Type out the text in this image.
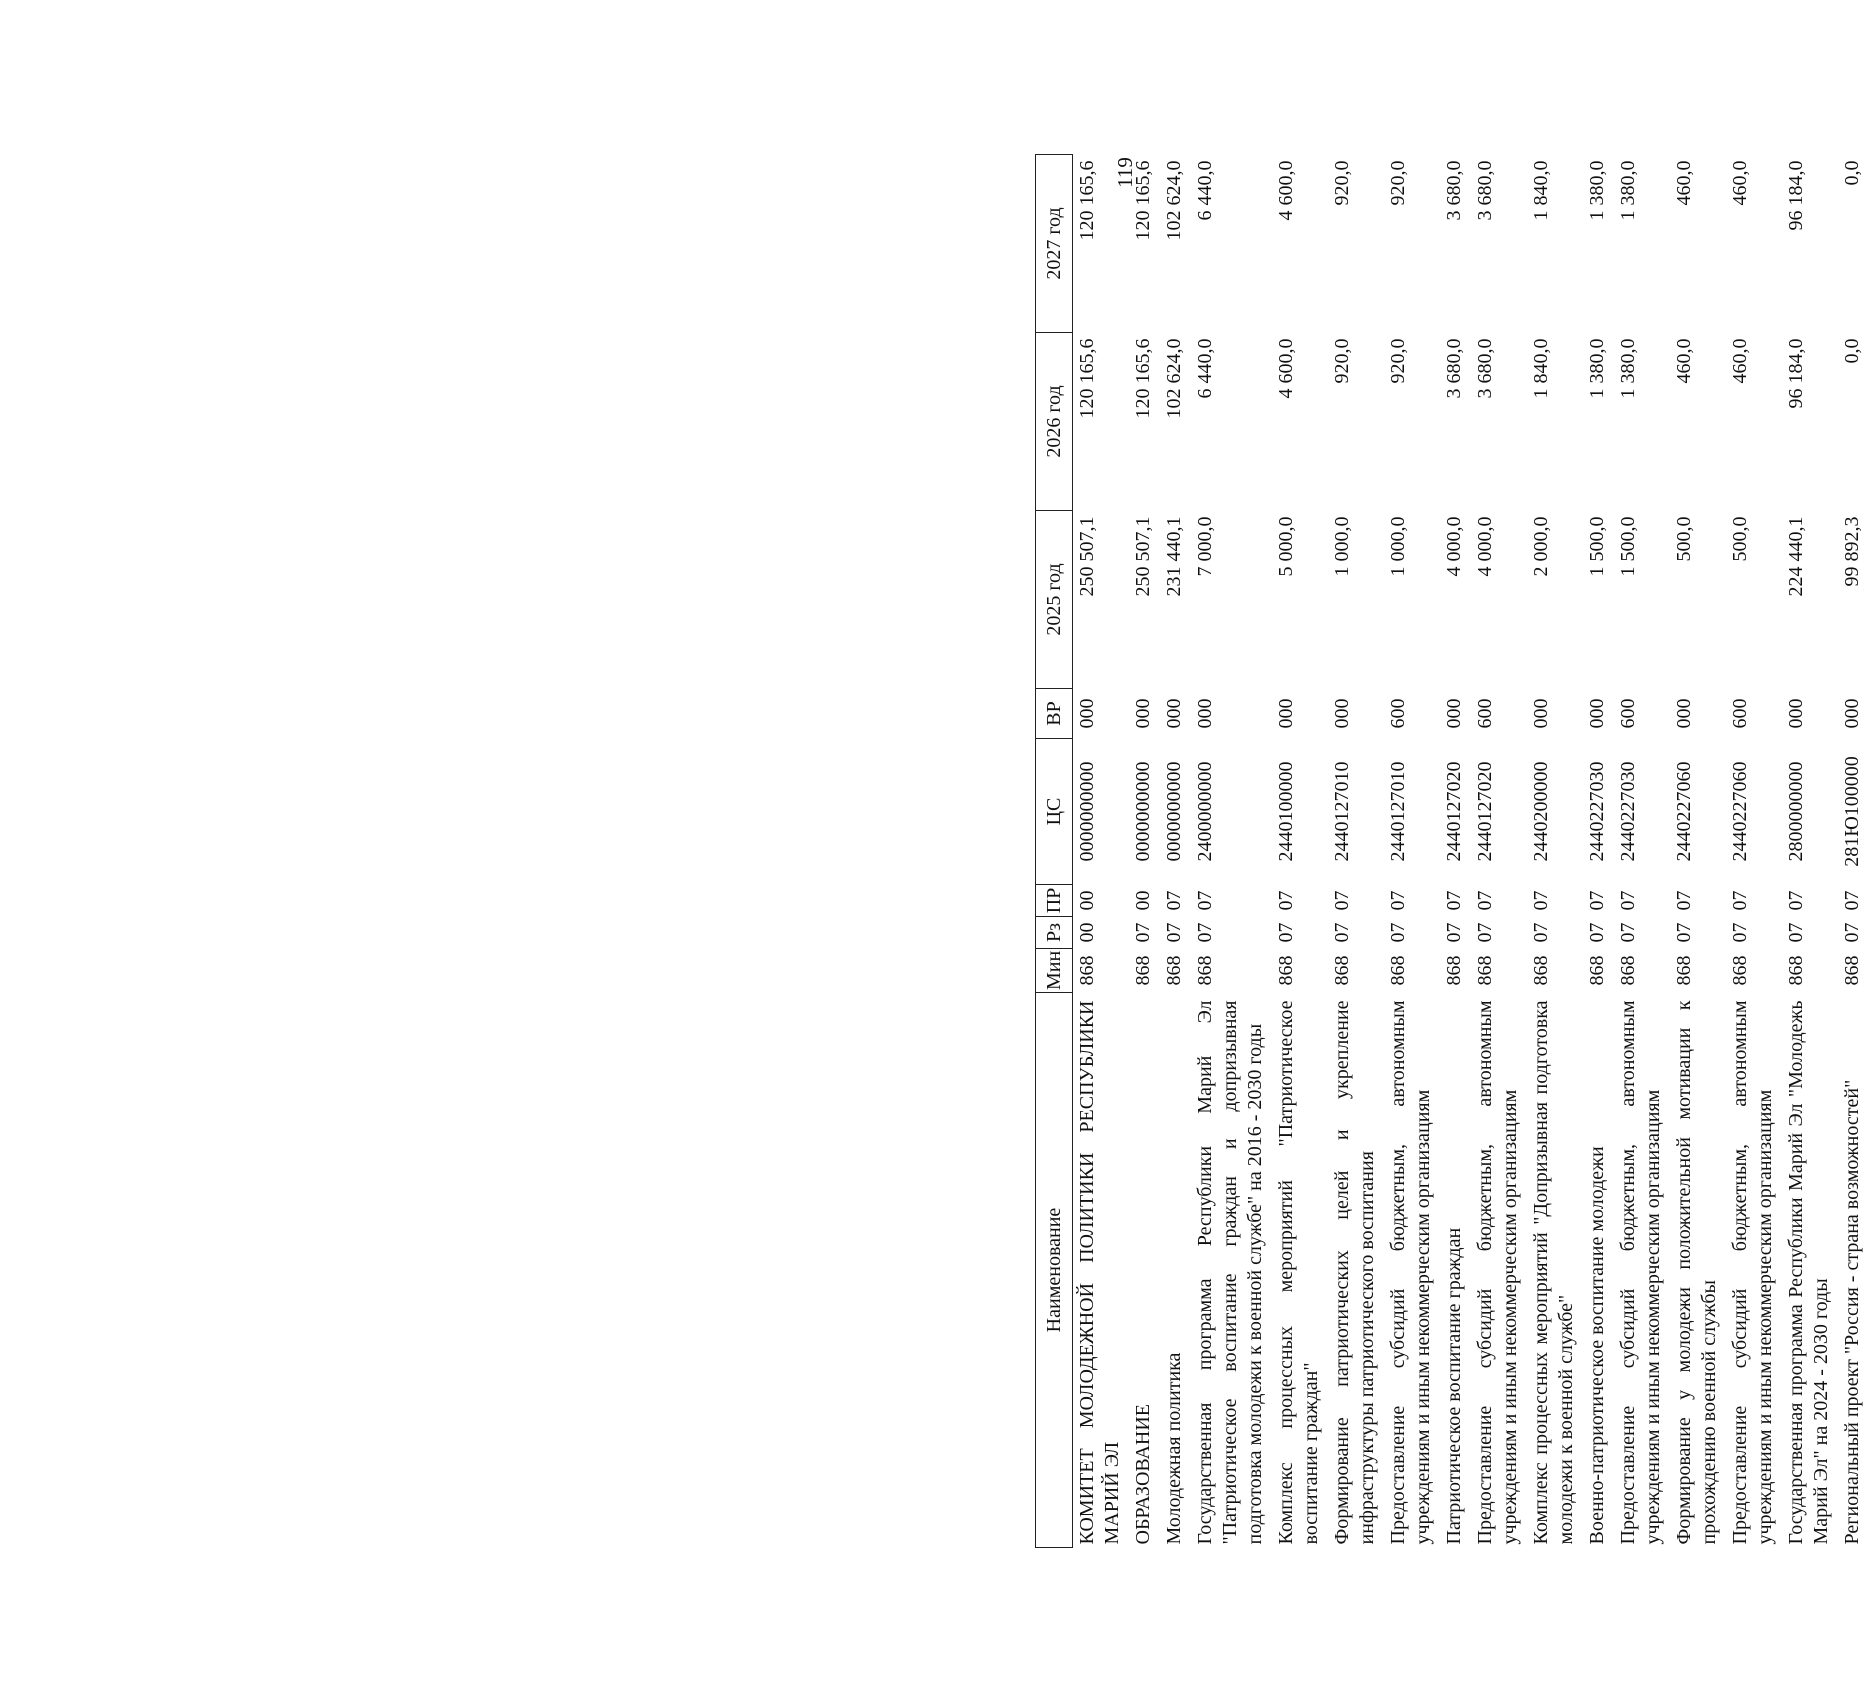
119
Наименование	Мин	Рз	ПР	ЦС	ВР	2025 год	2026 год	2027 год
КОМИТЕТ МОЛОДЕЖНОЙ ПОЛИТИКИ РЕСПУБЛИКИ МАРИЙ ЭЛ	868	00	00	0000000000	000	250 507,1	120 165,6	120 165,6
ОБРАЗОВАНИЕ	868	07	00	0000000000	000	250 507,1	120 165,6	120 165,6
Молодежная политика	868	07	07	0000000000	000	231 440,1	102 624,0	102 624,0
Государственная программа Республики Марий Эл "Патриотическое воспитание граждан и допризывная подготовка молодежи к военной службе" на 2016 - 2030 годы	868	07	07	2400000000	000	7 000,0	6 440,0	6 440,0
Комплекс процессных мероприятий "Патриотическое воспитание граждан"	868	07	07	2440100000	000	5 000,0	4 600,0	4 600,0
Формирование патриотических целей и укрепление инфраструктуры патриотического воспитания	868	07	07	2440127010	000	1 000,0	920,0	920,0
Предоставление субсидий бюджетным, автономным учреждениям и иным некоммерческим организациям	868	07	07	2440127010	600	1 000,0	920,0	920,0
Патриотическое воспитание граждан	868	07	07	2440127020	000	4 000,0	3 680,0	3 680,0
Предоставление субсидий бюджетным, автономным учреждениям и иным некоммерческим организациям	868	07	07	2440127020	600	4 000,0	3 680,0	3 680,0
Комплекс процессных мероприятий "Допризывная подготовка молодежи к военной службе"	868	07	07	2440200000	000	2 000,0	1 840,0	1 840,0
Военно-патриотическое воспитание молодежи	868	07	07	2440227030	000	1 500,0	1 380,0	1 380,0
Предоставление субсидий бюджетным, автономным учреждениям и иным некоммерческим организациям	868	07	07	2440227030	600	1 500,0	1 380,0	1 380,0
Формирование у молодежи положительной мотивации к прохождению военной службы	868	07	07	2440227060	000	500,0	460,0	460,0
Предоставление субсидий бюджетным, автономным учреждениям и иным некоммерческим организациям	868	07	07	2440227060	600	500,0	460,0	460,0
Государственная программа Республики Марий Эл "Молодежь Марий Эл" на 2024 - 2030 годы	868	07	07	2800000000	000	224 440,1	96 184,0	96 184,0
Региональный проект "Россия - страна возможностей"	868	07	07	281Ю100000	000	99 892,3	0,0	0,0
